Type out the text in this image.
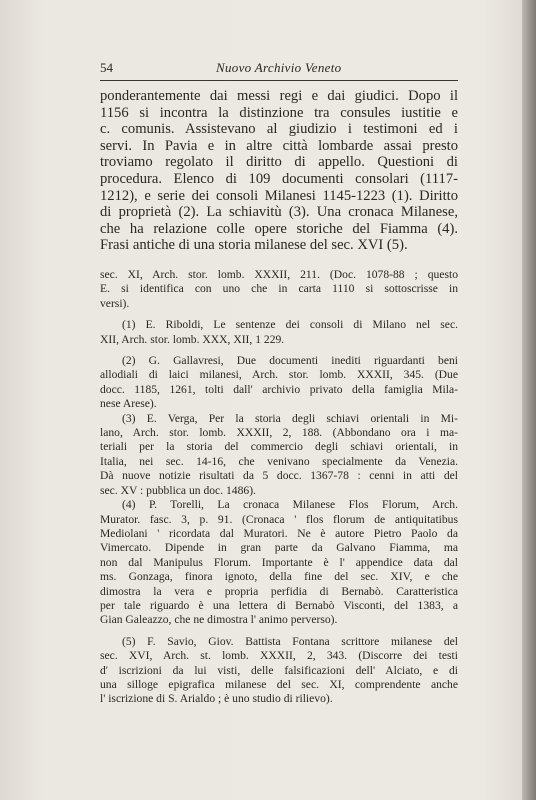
54	Nuovo Archivio Veneto
ponderantemente dai messi regi e dai giudici. Dopo il
1156 si incontra la distinzione tra consules iustitie e
c. comunis. Assistevano al giudizio i testimoni ed i
servi. In Pavia e in altre città lombarde assai presto
troviamo regolato il diritto di appello. Questioni di
procedura. Elenco di 109 documenti consolari (1117-
1212), e serie dei consoli Milanesi 1145-1223 (1). Diritto
di proprietà (2). La schiavitù (3). Una cronaca Milanese,
che ha relazione colle opere storiche del Fiamma (4).
Frasi antiche di una storia milanese del sec. XVI (5).
sec. XI, Arch. stor. lomb. XXXII, 211. (Doc. 1078-88 ; questo
E. si identifica con uno che in carta 1110 si sottoscrisse in
versi).
(1) E. Riboldi, Le sentenze dei consoli di Milano nel sec.
XII, Arch. stor. lomb. XXX, XII, 1 229.
(2) G. Gallavresi, Due documenti inediti riguardanti beni
allodiali di laici milanesi, Arch. stor. lomb. XXXII, 345. (Due
docc. 1185, 1261, tolti dall' archivio privato della famiglia Mila-
nese Arese).
(3) E. Verga, Per la storia degli schiavi orientali in Mi-
lano, Arch. stor. lomb. XXXII, 2, 188. (Abbondano ora i ma-
teriali per la storia del commercio degli schiavi orientali, in
Italia, nei sec. 14-16, che venivano specialmente da Venezia.
Dà nuove notizie risultati da 5 docc. 1367-78 : cenni in atti del
sec. XV : pubblica un doc. 1486).
(4) P. Torelli, La cronaca Milanese Flos Florum, Arch.
Murator. fasc. 3, p. 91. (Cronaca ' flos florum de antiquitatibus
Mediolani ' ricordata dal Muratori. Ne è autore Pietro Paolo da
Vimercato. Dipende in gran parte da Galvano Fiamma, ma
non dal Manipulus Florum. Importante è l' appendice data dal
ms. Gonzaga, finora ignoto, della fine del sec. XIV, e che
dimostra la vera e propria perfidia di Bernabò. Caratteristica
per tale riguardo è una lettera di Bernabò Visconti, del 1383, a
Gian Galeazzo, che ne dimostra l' animo perverso).
(5) F. Savio, Giov. Battista Fontana scrittore milanese del
sec. XVI, Arch. st. lomb. XXXII, 2, 343. (Discorre dei testi
d' iscrizioni da lui visti, delle falsificazioni dell' Alciato, e di
una silloge epigrafica milanese del sec. XI, comprendente anche
l' iscrizione di S. Arialdo ; è uno studio di rilievo).
